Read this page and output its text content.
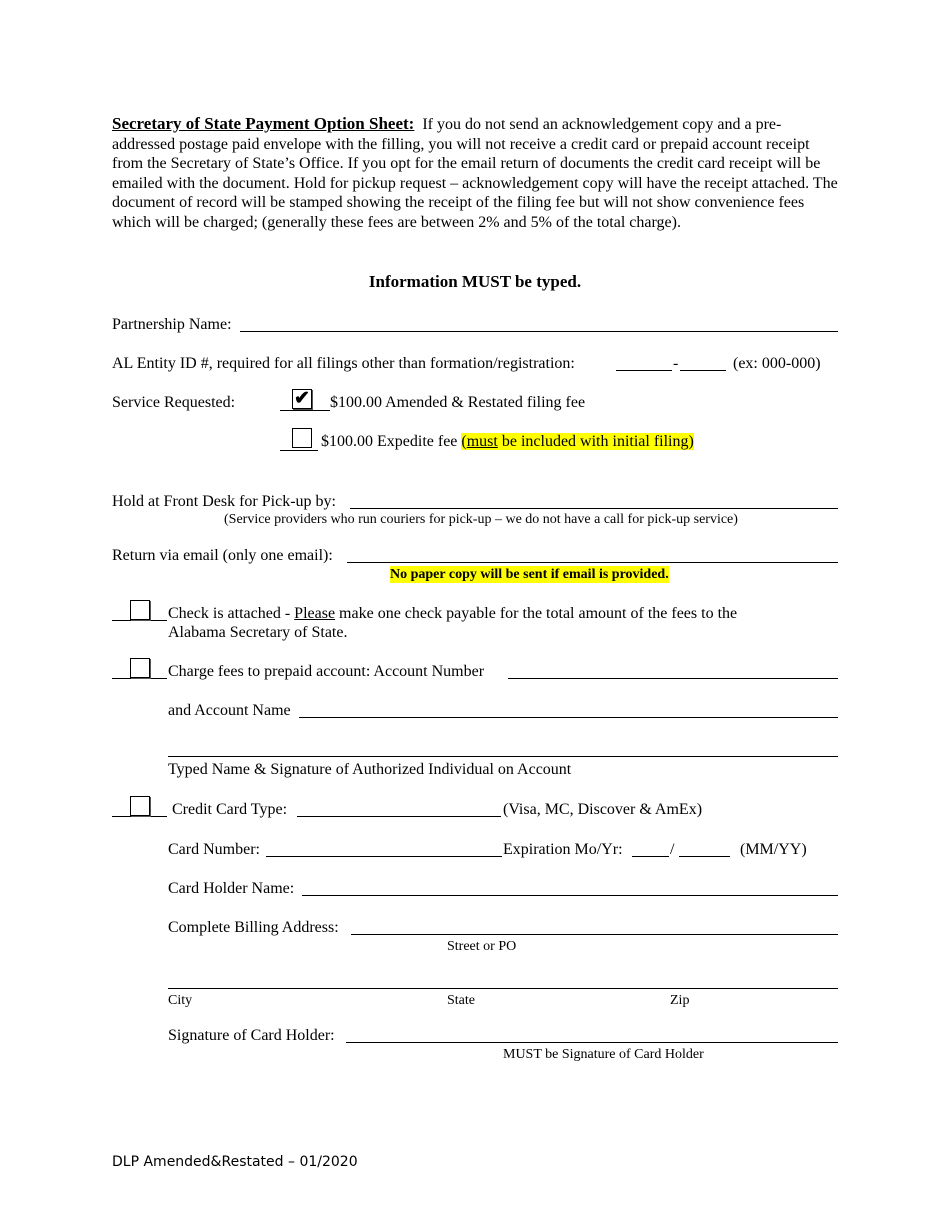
Secretary of State Payment Option Sheet: If you do not send an acknowledgement copy and a pre-addressed postage paid envelope with the filling, you will not receive a credit card or prepaid account receipt from the Secretary of State’s Office. If you opt for the email return of documents the credit card receipt will be emailed with the document. Hold for pickup request – acknowledgement copy will have the receipt attached. The document of record will be stamped showing the receipt of the filing fee but will not show convenience fees which will be charged; (generally these fees are between 2% and 5% of the total charge).
Information MUST be typed.
Partnership Name:
AL Entity ID #, required for all filings other than formation/registration:	-	(ex: 000-000)
Service Requested:	✔ $100.00 Amended & Restated filing fee
$100.00 Expedite fee (must be included with initial filing)
Hold at Front Desk for Pick-up by:
(Service providers who run couriers for pick-up – we do not have a call for pick-up service)
Return via email (only one email):
No paper copy will be sent if email is provided.
Check is attached - Please make one check payable for the total amount of the fees to the
Alabama Secretary of State.
Charge fees to prepaid account: Account Number
and Account Name
Typed Name & Signature of Authorized Individual on Account
Credit Card Type:	(Visa, MC, Discover & AmEx)
Card Number:	Expiration Mo/Yr:	/	(MM/YY)
Card Holder Name:
Complete Billing Address:
Street or PO
City	State	Zip
Signature of Card Holder:
MUST be Signature of Card Holder
DLP Amended&Restated – 01/2020
